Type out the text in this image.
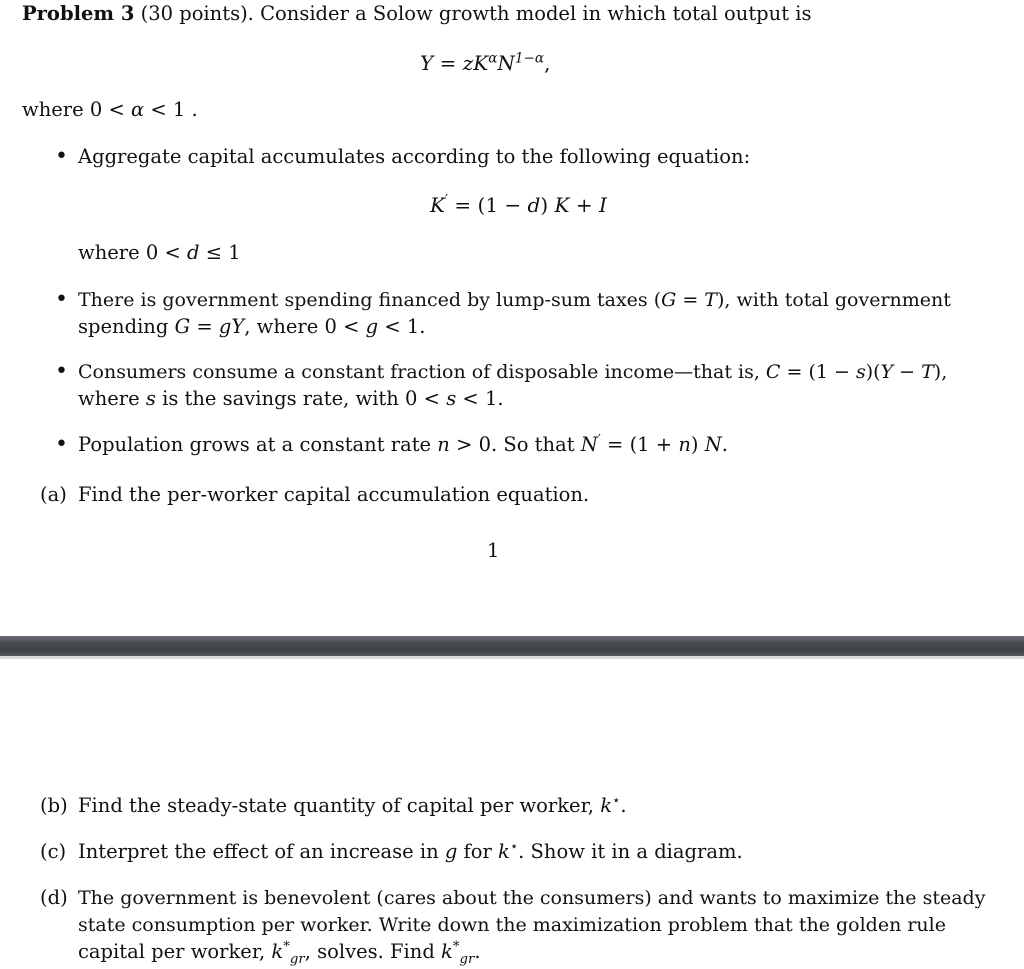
Problem 3 (30 points). Consider a Solow growth model in which total output is
$Y = zK^\alpha N^{1-\alpha}$,
where 0 < α < 1 .
• Aggregate capital accumulates according to the following equation:
K′ = (1 − d) K + I
where 0 < d ≤ 1
• There is government spending financed by lump-sum taxes (G = T), with total government
spending G = gY, where 0 < g < 1.
• Consumers consume a constant fraction of disposable income—that is, C = (1 − s)(Y − T),
where s is the savings rate, with 0 < s < 1.
• Population grows at a constant rate n > 0. So that N′ = (1 + n) N.
(a) Find the per-worker capital accumulation equation.
1
(b) Find the steady-state quantity of capital per worker, k⋆.
(c) Interpret the effect of an increase in g for k⋆. Show it in a diagram.
(d) The government is benevolent (cares about the consumers) and wants to maximize the steady
state consumption per worker. Write down the maximization problem that the golden rule
capital per worker, $k^*_{gr}$, solves. Find $k^*_{gr}$.
